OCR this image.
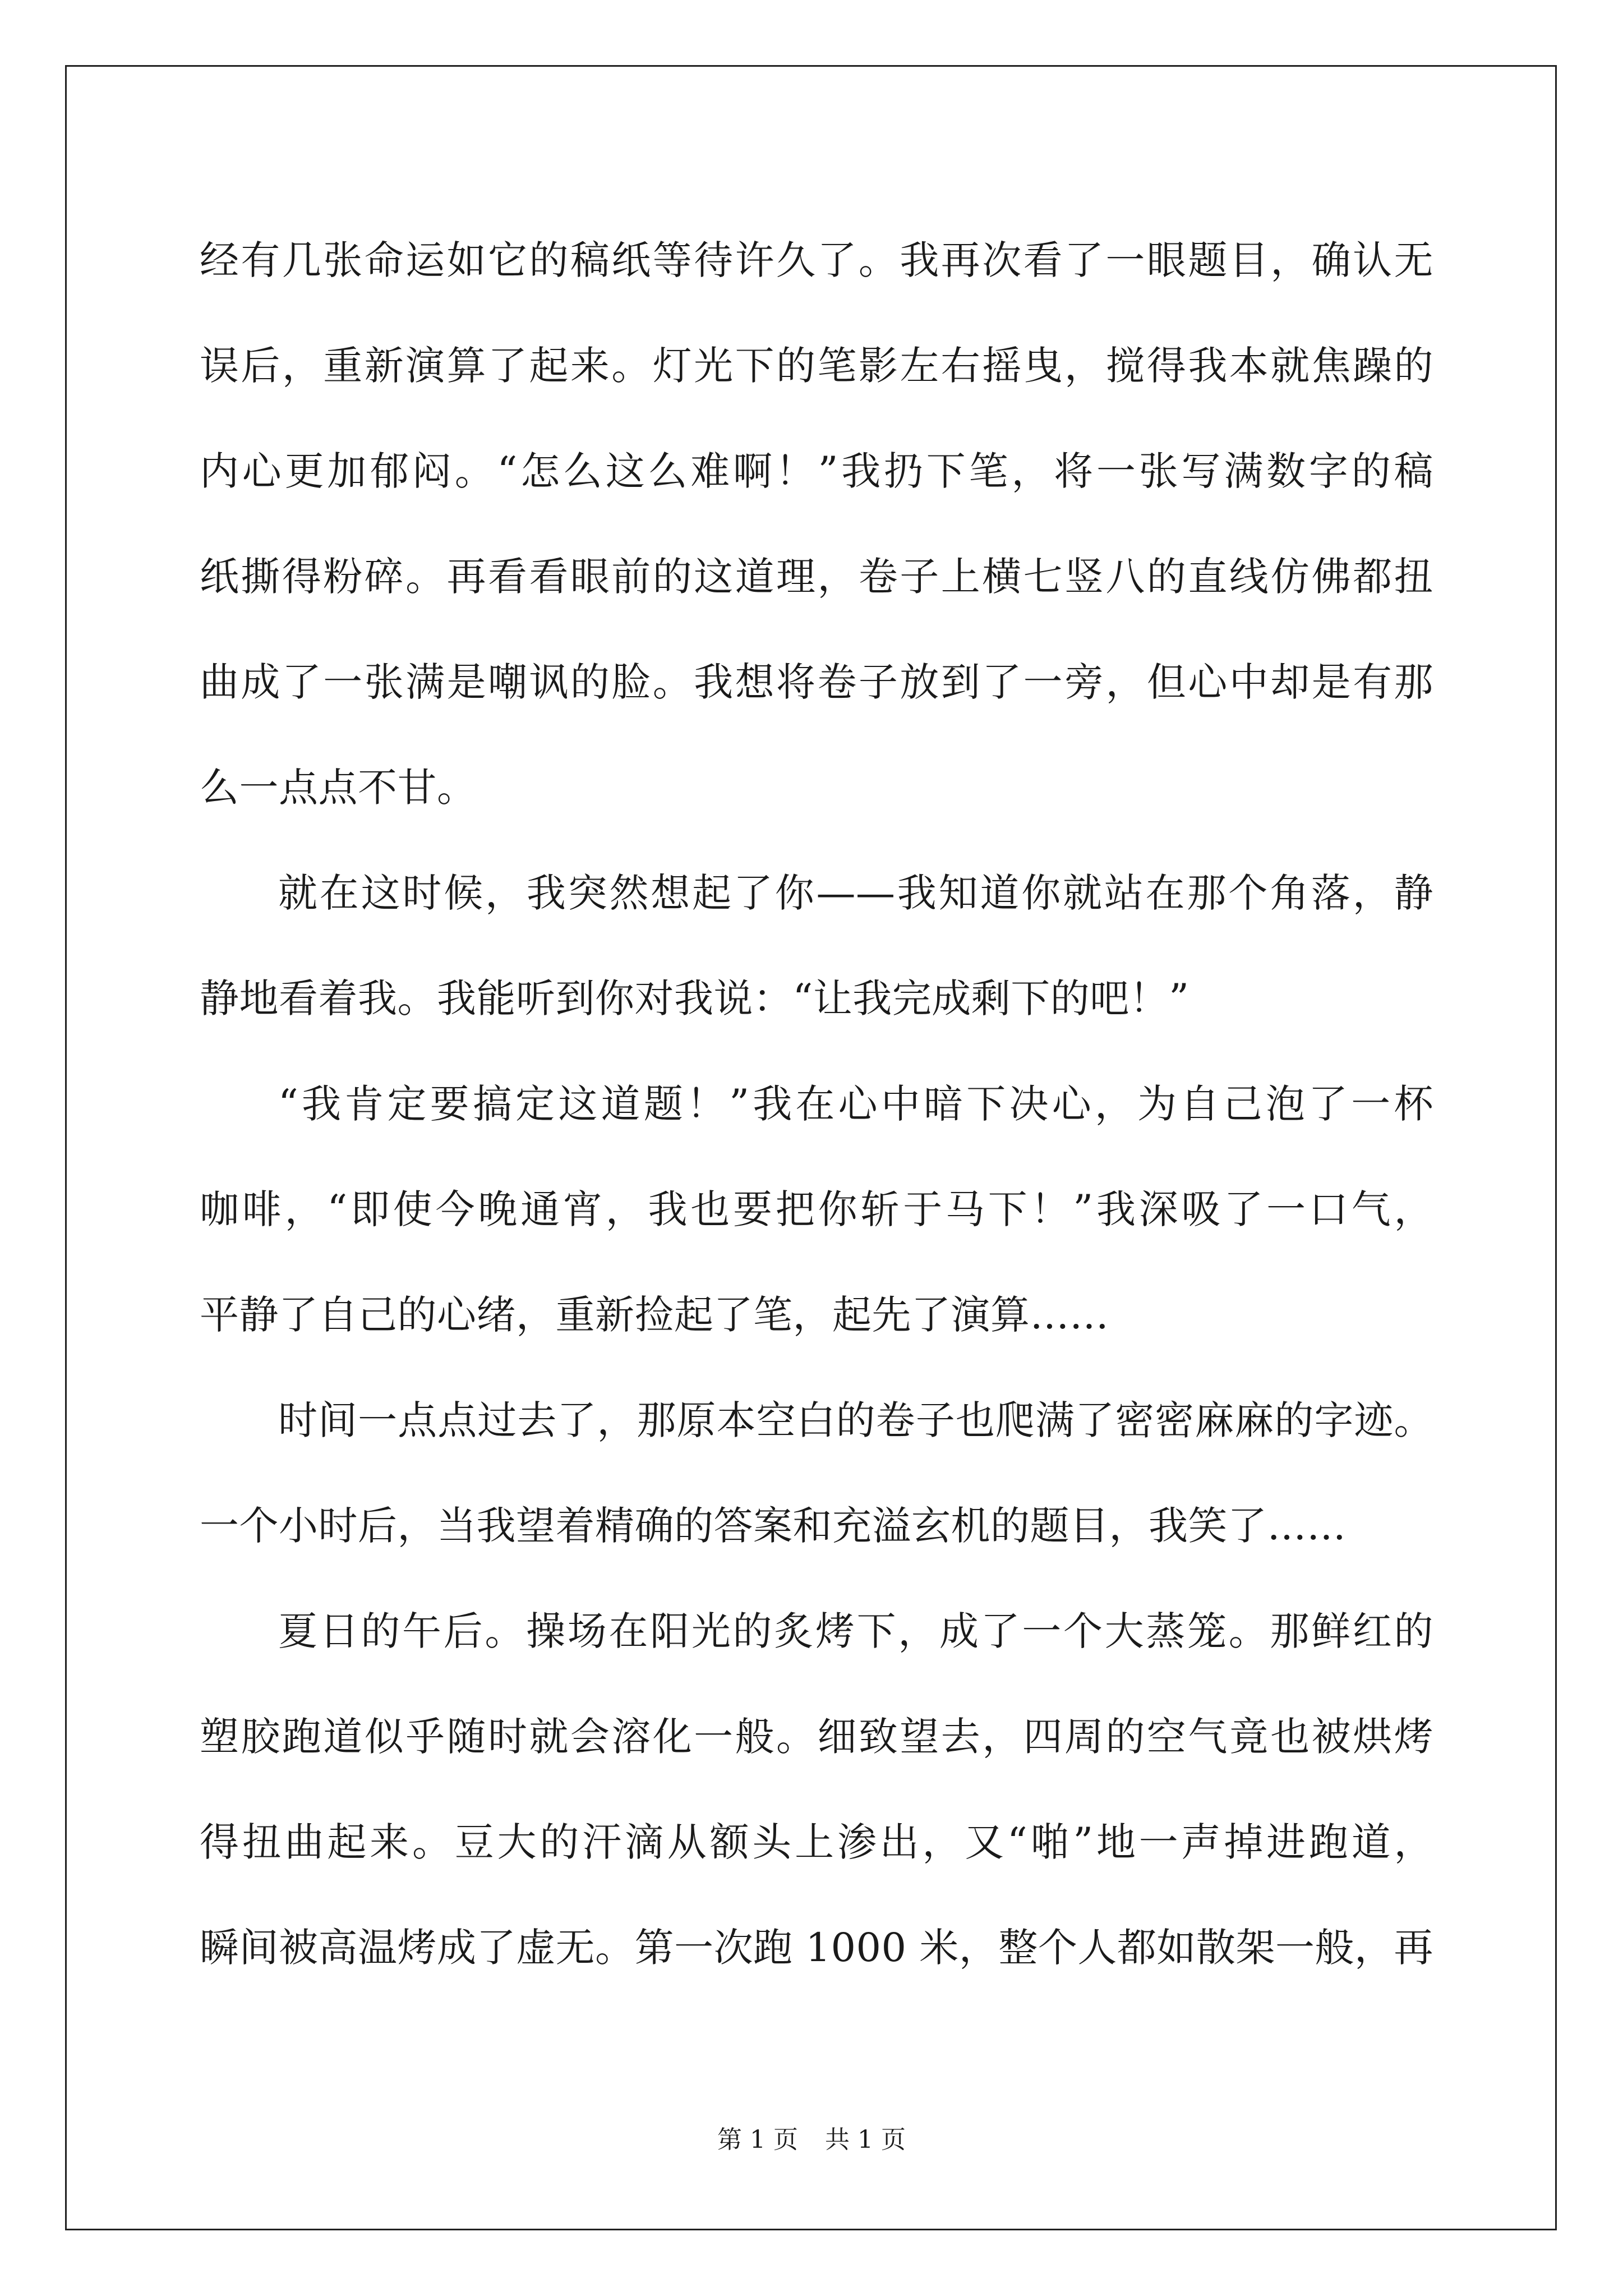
经有几张命运如它的稿纸等待许久了。我再次看了一眼题目，确认无
误后，重新演算了起来。灯光下的笔影左右摇曳，搅得我本就焦躁的
内心更加郁闷。“怎么这么难啊！”我扔下笔，将一张写满数字的稿
纸撕得粉碎。再看看眼前的这道理，卷子上横七竖八的直线仿佛都扭
曲成了一张满是嘲讽的脸。我想将卷子放到了一旁，但心中却是有那
么一点点不甘。
就在这时候，我突然想起了你——我知道你就站在那个角落，静
静地看着我。我能听到你对我说：“让我完成剩下的吧！”
“我肯定要搞定这道题！”我在心中暗下决心，为自己泡了一杯
咖啡，“即使今晚通宵，我也要把你斩于马下！”我深吸了一口气，
平静了自己的心绪，重新捡起了笔，起先了演算……
时间一点点过去了，那原本空白的卷子也爬满了密密麻麻的字迹。
一个小时后，当我望着精确的答案和充溢玄机的题目，我笑了……
夏日的午后。操场在阳光的炙烤下，成了一个大蒸笼。那鲜红的
塑胶跑道似乎随时就会溶化一般。细致望去，四周的空气竟也被烘烤
得扭曲起来。豆大的汗滴从额头上渗出，又“啪”地一声掉进跑道，
瞬间被高温烤成了虚无。第一次跑 1000 米，整个人都如散架一般，再
第 1 页 共 1 页
